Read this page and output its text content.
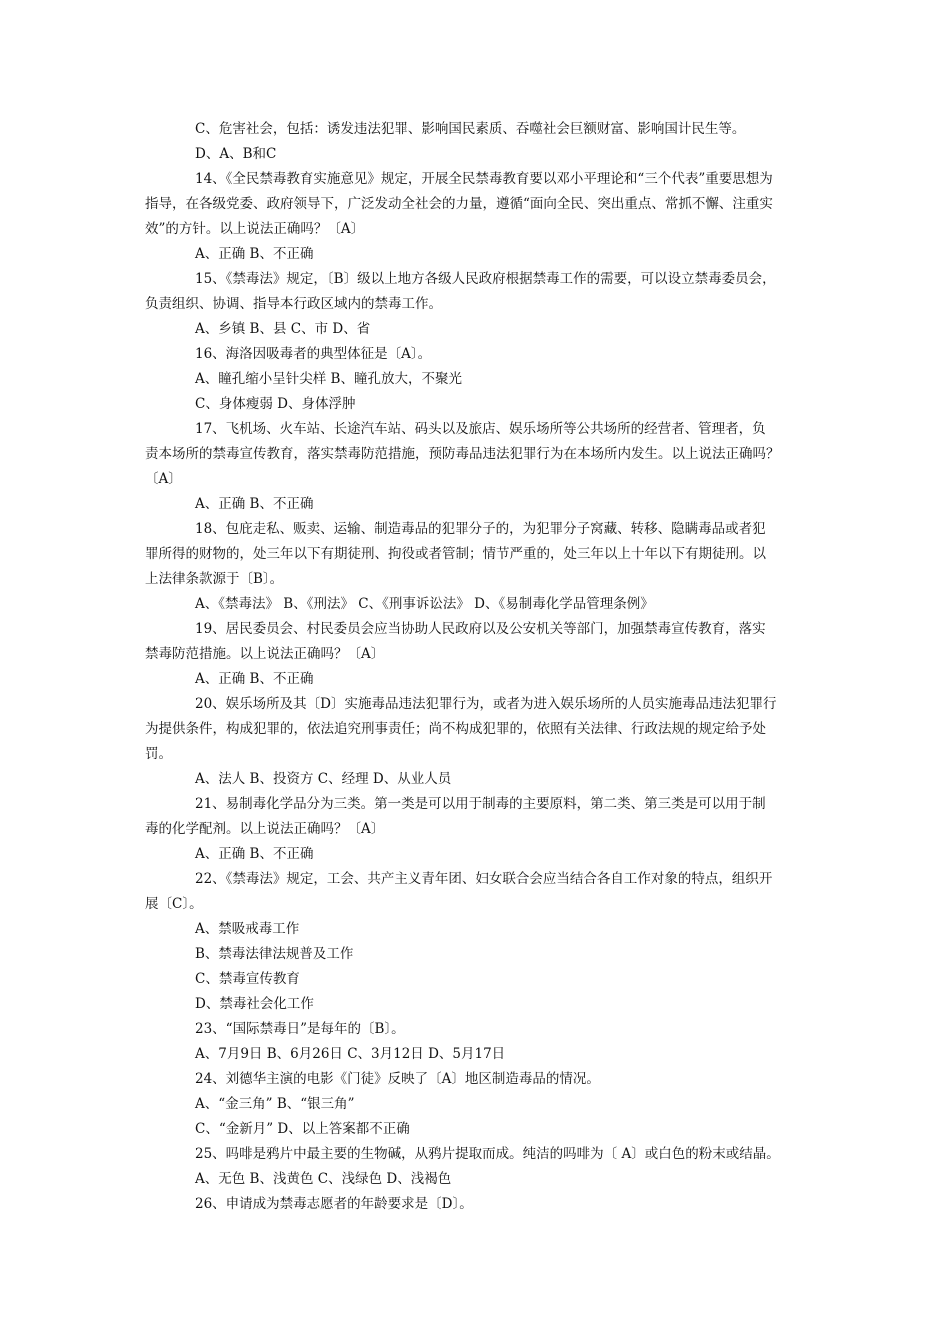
C、危害社会，包括：诱发违法犯罪、影响国民素质、吞噬社会巨额财富、影响国计民生等。
D、A、B和C
14、《全民禁毒教育实施意见》规定，开展全民禁毒教育要以邓小平理论和“三个代表”重要思想为
指导，在各级党委、政府领导下，广泛发动全社会的力量，遵循“面向全民、突出重点、常抓不懈、注重实
效”的方针。以上说法正确吗？〔A〕
A、正确 B、不正确
15、《禁毒法》规定，〔B〕级以上地方各级人民政府根据禁毒工作的需要，可以设立禁毒委员会，
负责组织、协调、指导本行政区域内的禁毒工作。
A、乡镇 B、县 C、市 D、省
16、海洛因吸毒者的典型体征是〔A〕。
A、瞳孔缩小呈针尖样 B、瞳孔放大，不聚光
C、身体瘦弱 D、身体浮肿
17、飞机场、火车站、长途汽车站、码头以及旅店、娱乐场所等公共场所的经营者、管理者，负
责本场所的禁毒宣传教育，落实禁毒防范措施，预防毒品违法犯罪行为在本场所内发生。以上说法正确吗？
〔A〕
A、正确 B、不正确
18、包庇走私、贩卖、运输、制造毒品的犯罪分子的，为犯罪分子窝藏、转移、隐瞒毒品或者犯
罪所得的财物的，处三年以下有期徒刑、拘役或者管制；情节严重的，处三年以上十年以下有期徒刑。以
上法律条款源于〔B〕。
A、《禁毒法》 B、《刑法》 C、《刑事诉讼法》 D、《易制毒化学品管理条例》
19、居民委员会、村民委员会应当协助人民政府以及公安机关等部门，加强禁毒宣传教育，落实
禁毒防范措施。以上说法正确吗？〔A〕
A、正确 B、不正确
20、娱乐场所及其〔D〕实施毒品违法犯罪行为，或者为进入娱乐场所的人员实施毒品违法犯罪行
为提供条件，构成犯罪的，依法追究刑事责任；尚不构成犯罪的，依照有关法律、行政法规的规定给予处
罚。
A、法人 B、投资方 C、经理 D、从业人员
21、易制毒化学品分为三类。第一类是可以用于制毒的主要原料，第二类、第三类是可以用于制
毒的化学配剂。以上说法正确吗？〔A〕
A、正确 B、不正确
22、《禁毒法》规定，工会、共产主义青年团、妇女联合会应当结合各自工作对象的特点，组织开
展〔C〕。
A、禁吸戒毒工作
B、禁毒法律法规普及工作
C、禁毒宣传教育
D、禁毒社会化工作
23、“国际禁毒日”是每年的〔B〕。
A、7月9日 B、6月26日 C、3月12日 D、5月17日
24、刘德华主演的电影《门徒》反映了〔A〕地区制造毒品的情况。
A、“金三角” B、“银三角”
C、“金新月” D、以上答案都不正确
25、吗啡是鸦片中最主要的生物碱，从鸦片提取而成。纯洁的吗啡为〔 A〕或白色的粉末或结晶。
A、无色 B、浅黄色 C、浅绿色 D、浅褐色
26、申请成为禁毒志愿者的年龄要求是〔D〕。
